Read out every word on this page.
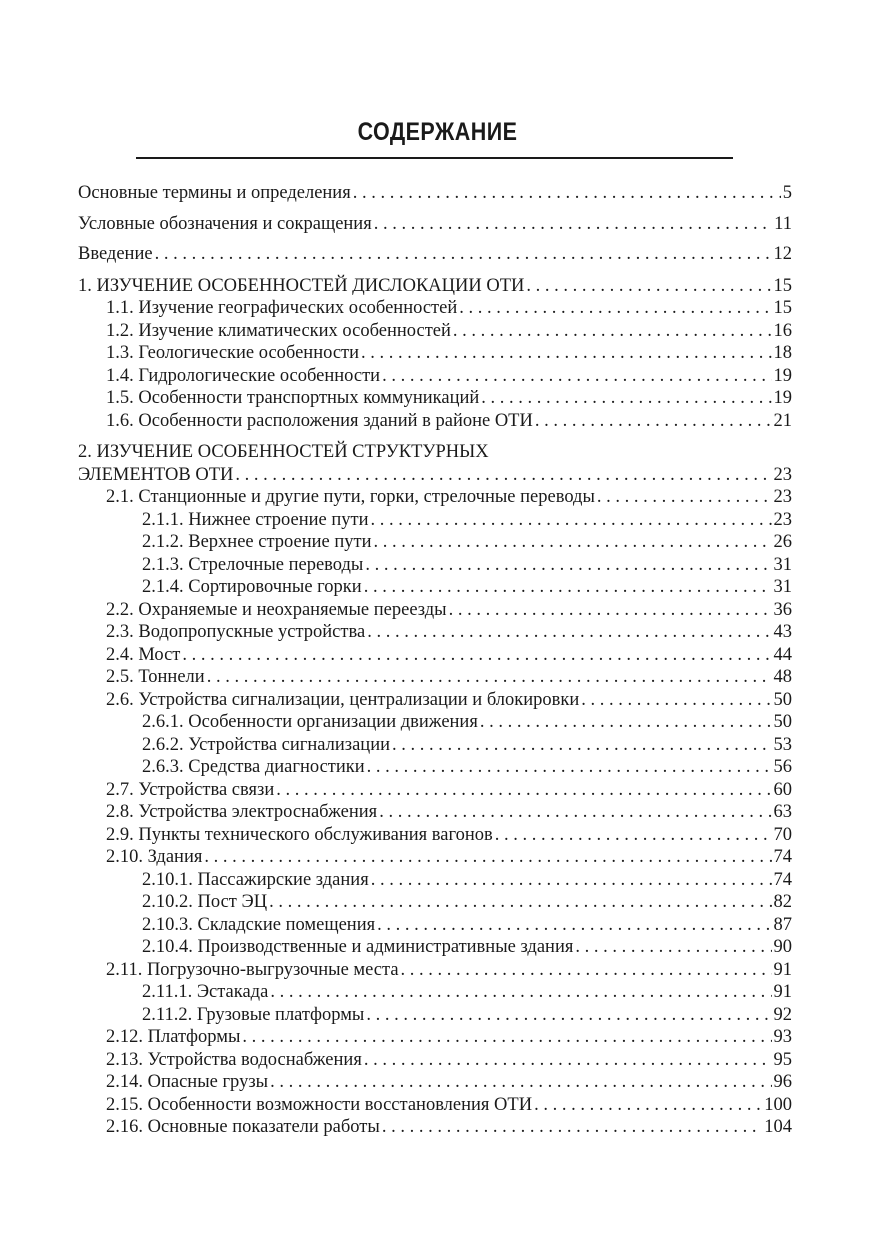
СОДЕРЖАНИЕ
Основные термины и определения . . .	5
Условные обозначения и сокращения . . .	11
Введение . . .	12
1. ИЗУЧЕНИЕ ОСОБЕННОСТЕЙ ДИСЛОКАЦИИ ОТИ . . .	15
1.1. Изучение географических особенностей . . .	15
1.2. Изучение климатических особенностей . . .	16
1.3. Геологические особенности . . .	18
1.4. Гидрологические особенности . . .	19
1.5. Особенности транспортных коммуникаций . . .	19
1.6. Особенности расположения зданий в районе ОТИ . . .	21
2. ИЗУЧЕНИЕ ОСОБЕННОСТЕЙ СТРУКТУРНЫХ
ЭЛЕМЕНТОВ ОТИ . . .	23
2.1. Станционные и другие пути, горки, стрелочные переводы . . .	23
2.1.1. Нижнее строение пути . . .	23
2.1.2. Верхнее строение пути . . .	26
2.1.3. Стрелочные переводы . . .	31
2.1.4. Сортировочные горки . . .	31
2.2. Охраняемые и неохраняемые переезды . . .	36
2.3. Водопропускные устройства . . .	43
2.4. Мост . . .	44
2.5. Тоннели . . .	48
2.6. Устройства сигнализации, централизации и блокировки . . .	50
2.6.1. Особенности организации движения . . .	50
2.6.2. Устройства сигнализации . . .	53
2.6.3. Средства диагностики . . .	56
2.7. Устройства связи . . .	60
2.8. Устройства электроснабжения . . .	63
2.9. Пункты технического обслуживания вагонов . . .	70
2.10. Здания . . .	74
2.10.1. Пассажирские здания . . .	74
2.10.2. Пост ЭЦ . . .	82
2.10.3. Складские помещения . . .	87
2.10.4. Производственные и административные здания . . .	90
2.11. Погрузочно-выгрузочные места . . .	91
2.11.1. Эстакада . . .	91
2.11.2. Грузовые платформы . . .	92
2.12. Платформы . . .	93
2.13. Устройства водоснабжения . . .	95
2.14. Опасные грузы . . .	96
2.15. Особенности возможности восстановления ОТИ . . .	100
2.16. Основные показатели работы . . .	104
